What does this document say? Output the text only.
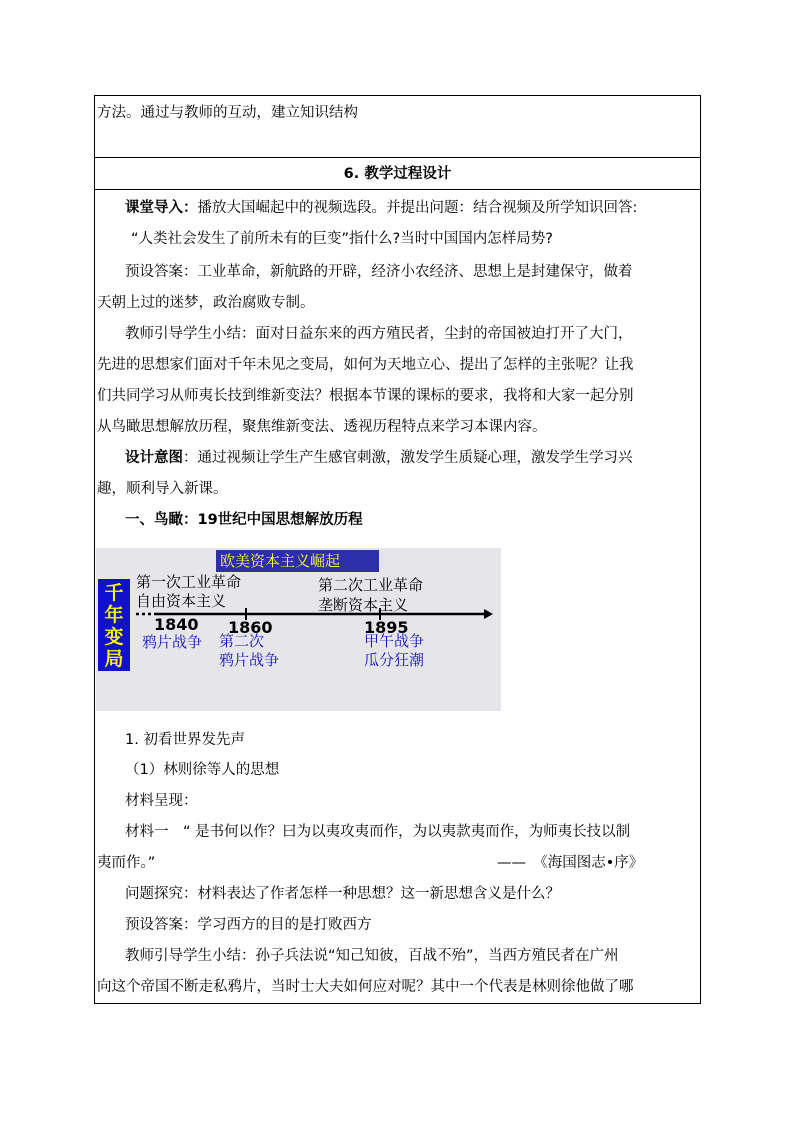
方法。通过与教师的互动，建立知识结构
6. 教学过程设计
课堂导入：播放大国崛起中的视频选段。并提出问题：结合视频及所学知识回答:
“人类社会发生了前所未有的巨变”指什么?当时中国国内怎样局势?
预设答案：工业革命，新航路的开辟，经济小农经济、思想上是封建保守，做着
天朝上过的迷梦，政治腐败专制。
教师引导学生小结：面对日益东来的西方殖民者，尘封的帝国被迫打开了大门，
先进的思想家们面对千年未见之变局，如何为天地立心、提出了怎样的主张呢？让我
们共同学习从师夷长技到维新变法？根据本节课的课标的要求，我将和大家一起分别
从鸟瞰思想解放历程，聚焦维新变法、透视历程特点来学习本课内容。
设计意图：通过视频让学生产生感官刺激，激发学生质疑心理，激发学生学习兴
趣，顺利导入新课。
一、鸟瞰：19世纪中国思想解放历程
欧美资本主义崛起
千
年
变
局
第一次工业革命
自由资本主义
第二次工业革命
垄断资本主义
1840 1860	1895
鸦片战争 第二次
鸦片战争
甲午战争
瓜分狂潮
1. 初看世界发先声
（1）林则徐等人的思想
材料呈现：
材料一　“ 是书何以作？曰为以夷攻夷而作，为以夷款夷而作，为师夷长技以制
夷而作。”	——　《海国图志•序》
问题探究：材料表达了作者怎样一种思想？这一新思想含义是什么？
预设答案：学习西方的目的是打败西方
教师引导学生小结：孙子兵法说“知己知彼，百战不殆”，当西方殖民者在广州
向这个帝国不断走私鸦片，当时士大夫如何应对呢？其中一个代表是林则徐他做了哪
